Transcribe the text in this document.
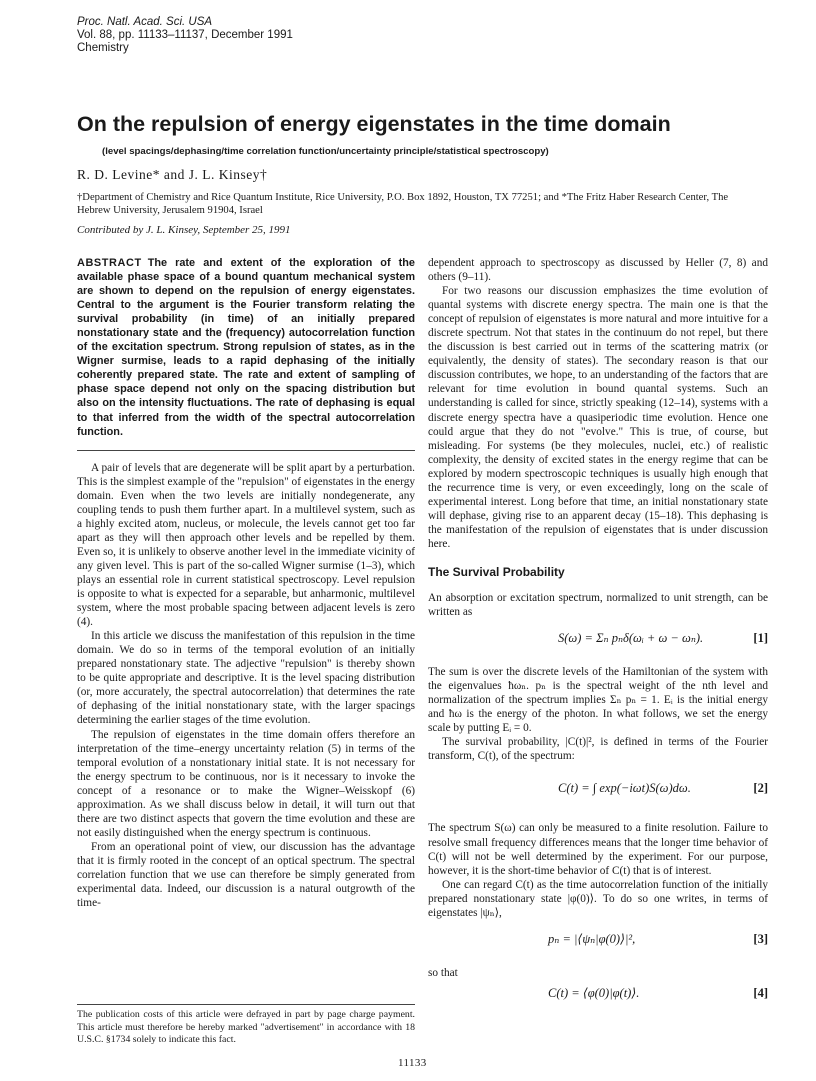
Proc. Natl. Acad. Sci. USA
Vol. 88, pp. 11133–11137, December 1991
Chemistry
On the repulsion of energy eigenstates in the time domain
(level spacings/dephasing/time correlation function/uncertainty principle/statistical spectroscopy)
R. D. Levine* and J. L. Kinsey†
†Department of Chemistry and Rice Quantum Institute, Rice University, P.O. Box 1892, Houston, TX 77251; and *The Fritz Haber Research Center, The Hebrew University, Jerusalem 91904, Israel
Contributed by J. L. Kinsey, September 25, 1991

ABSTRACT The rate and extent of the exploration of the available phase space of a bound quantum mechanical system are shown to depend on the repulsion of energy eigenstates. Central to the argument is the Fourier transform relating the survival probability (in time) of an initially prepared nonstationary state and the (frequency) autocorrelation function of the excitation spectrum. Strong repulsion of states, as in the Wigner surmise, leads to a rapid dephasing of the initially coherently prepared state. The rate and extent of sampling of phase space depend not only on the spacing distribution but also on the intensity fluctuations. The rate of dephasing is equal to that inferred from the width of the spectral autocorrelation function.

A pair of levels that are degenerate will be split apart by a perturbation. This is the simplest example of the "repulsion" of eigenstates in the energy domain. Even when the two levels are initially nondegenerate, any coupling tends to push them further apart. In a multilevel system, such as a highly excited atom, nucleus, or molecule, the levels cannot get too far apart as they will then approach other levels and be repelled by them. Even so, it is unlikely to observe another level in the immediate vicinity of any given level. This is part of the so-called Wigner surmise (1–3), which plays an essential role in current statistical spectroscopy. Level repulsion is opposite to what is expected for a separable, but anharmonic, multilevel system, where the most probable spacing between adjacent levels is zero (4).

In this article we discuss the manifestation of this repulsion in the time domain. We do so in terms of the temporal evolution of an initially prepared nonstationary state. The adjective "repulsion" is thereby shown to be quite appropriate and descriptive. It is the level spacing distribution (or, more accurately, the spectral autocorrelation) that determines the rate of dephasing of the initial nonstationary state, with the larger spacings determining the earlier stages of the time evolution.

The repulsion of eigenstates in the time domain offers therefore an interpretation of the time–energy uncertainty relation (5) in terms of the temporal evolution of a nonstationary initial state. It is not necessary for the energy spectrum to be continuous, nor is it necessary to invoke the concept of a resonance or to make the Wigner–Weisskopf (6) approximation. As we shall discuss below in detail, it will turn out that there are two distinct aspects that govern the time evolution and these are not easily distinguished when the energy spectrum is continuous.

From an operational point of view, our discussion has the advantage that it is firmly rooted in the concept of an optical spectrum. The spectral correlation function that we use can therefore be simply generated from experimental data. Indeed, our discussion is a natural outgrowth of the time-

dependent approach to spectroscopy as discussed by Heller (7, 8) and others (9–11).

For two reasons our discussion emphasizes the time evolution of quantal systems with discrete energy spectra. The main one is that the concept of repulsion of eigenstates is more natural and more intuitive for a discrete spectrum. Not that states in the continuum do not repel, but there the discussion is best carried out in terms of the scattering matrix (or equivalently, the density of states). The secondary reason is that our discussion contributes, we hope, to an understanding of the factors that are relevant for time evolution in bound quantal systems. Such an understanding is called for since, strictly speaking (12–14), systems with a discrete energy spectra have a quasiperiodic time evolution. Hence one could argue that they do not "evolve." This is true, of course, but misleading. For systems (be they molecules, nuclei, etc.) of realistic complexity, the density of excited states in the energy regime that can be explored by modern spectroscopic techniques is usually high enough that the recurrence time is very, or even exceedingly, long on the scale of experimental interest. Long before that time, an initial nonstationary state will dephase, giving rise to an apparent decay (15–18). This dephasing is the manifestation of the repulsion of eigenstates that is under discussion here.

The Survival Probability

An absorption or excitation spectrum, normalized to unit strength, can be written as

S(ω) = Σₙ pₙδ(ωᵢ + ω − ωₙ).	[1]

The sum is over the discrete levels of the Hamiltonian of the system with the eigenvalues ħωₙ. pₙ is the spectral weight of the nth level and normalization of the spectrum implies Σₙ pₙ = 1. Eᵢ is the initial energy and ħω is the energy of the photon. In what follows, we set the energy scale by putting Eᵢ = 0.

The survival probability, |C(t)|², is defined in terms of the Fourier transform, C(t), of the spectrum:

C(t) = ∫ exp(−iωt)S(ω)dω.	[2]

The spectrum S(ω) can only be measured to a finite resolution. Failure to resolve small frequency differences means that the longer time behavior of C(t) will not be well determined by the experiment. For our purpose, however, it is the short-time behavior of C(t) that is of interest.

One can regard C(t) as the time autocorrelation function of the initially prepared nonstationary state |φ(0)⟩. To do so one writes, in terms of eigenstates |ψₙ⟩,

pₙ = |⟨ψₙ|φ(0)⟩|²,	[3]

so that

C(t) = ⟨φ(0)|φ(t)⟩.	[4]
The publication costs of this article were defrayed in part by page charge payment. This article must therefore be hereby marked "advertisement" in accordance with 18 U.S.C. §1734 solely to indicate this fact.
11133
